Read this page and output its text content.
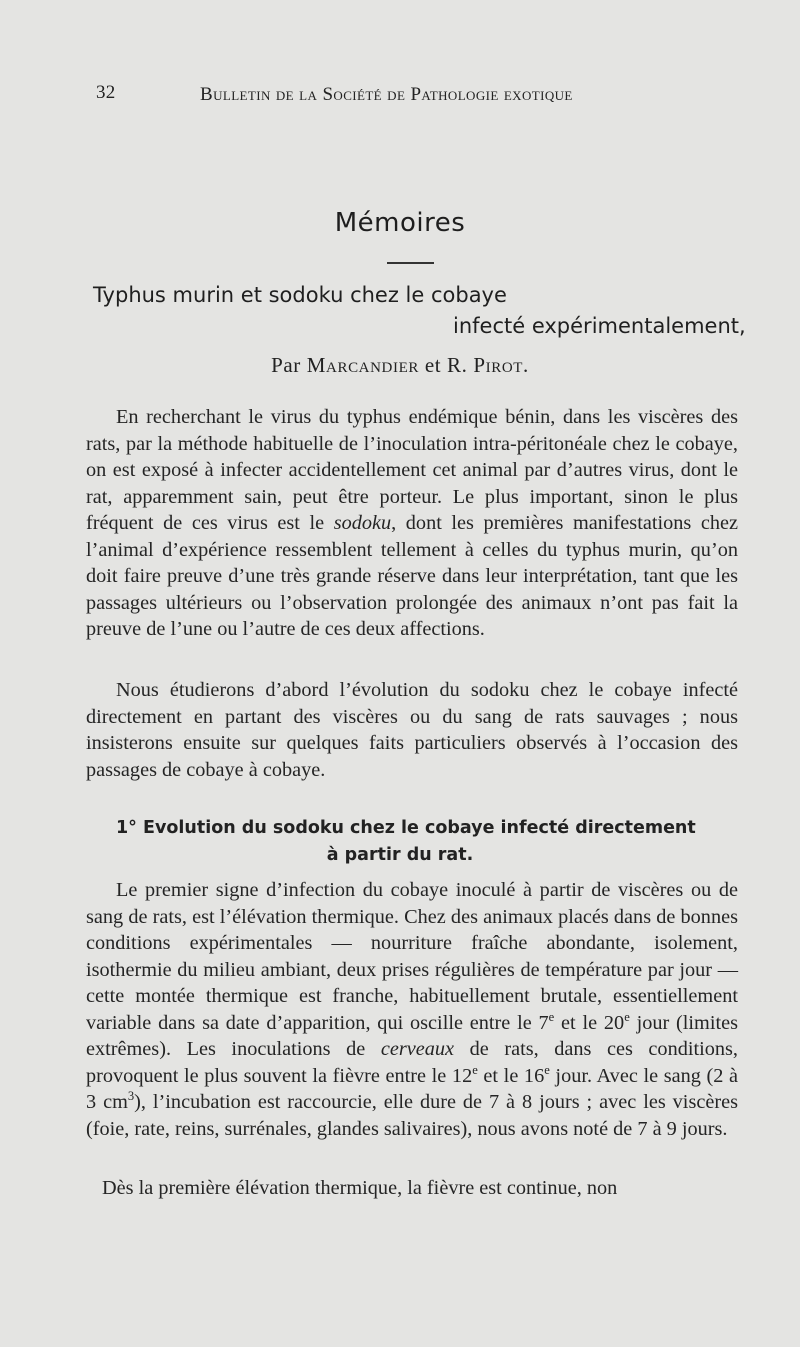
32	Bulletin de la Société de Pathologie exotique
Mémoires
Typhus murin et sodoku chez le cobaye
infecté expérimentalement,
Par Marcandier et R. Pirot.

En recherchant le virus du typhus endémique bénin, dans les viscères des rats, par la méthode habituelle de l’inoculation intra-péritonéale chez le cobaye, on est exposé à infecter accidentellement cet animal par d’autres virus, dont le rat, apparemment sain, peut être porteur. Le plus important, sinon le plus fréquent de ces virus est le sodoku, dont les premières manifestations chez l’animal d’expérience ressemblent tellement à celles du typhus murin, qu’on doit faire preuve d’une très grande réserve dans leur interprétation, tant que les passages ultérieurs ou l’observation prolongée des animaux n’ont pas fait la preuve de l’une ou l’autre de ces deux affections.

Nous étudierons d’abord l’évolution du sodoku chez le cobaye infecté directement en partant des viscères ou du sang de rats sauvages ; nous insisterons ensuite sur quelques faits particuliers observés à l’occasion des passages de cobaye à cobaye.

1° Evolution du sodoku chez le cobaye infecté directement
à partir du rat.

Le premier signe d’infection du cobaye inoculé à partir de viscères ou de sang de rats, est l’élévation thermique. Chez des animaux placés dans de bonnes conditions expérimentales — nourriture fraîche abondante, isolement, isothermie du milieu ambiant, deux prises régulières de température par jour — cette montée thermique est franche, habituellement brutale, essentiellement variable dans sa date d’apparition, qui oscille entre le 7e et le 20e jour (limites extrêmes). Les inoculations de cerveaux de rats, dans ces conditions, provoquent le plus souvent la fièvre entre le 12e et le 16e jour. Avec le sang (2 à 3 $cm^3$), l’incubation est raccourcie, elle dure de 7 à 8 jours ; avec les viscères (foie, rate, reins, surrénales, glandes salivaires), nous avons noté de 7 à 9 jours.

Dès la première élévation thermique, la fièvre est continue, non
